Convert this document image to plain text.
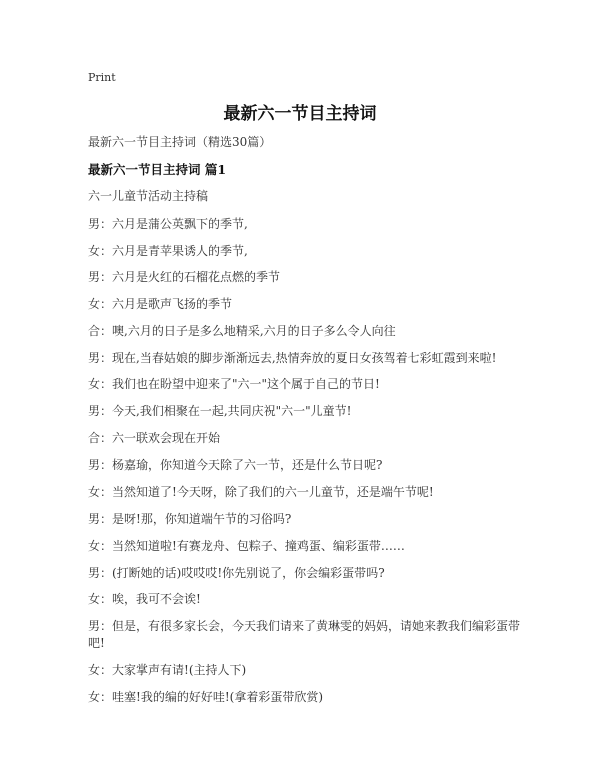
Print
最新六一节目主持词
最新六一节目主持词（精选30篇）
最新六一节目主持词 篇1
六一儿童节活动主持稿
男：六月是蒲公英飘下的季节,
女：六月是青苹果诱人的季节,
男：六月是火红的石榴花点燃的季节
女：六月是歌声飞扬的季节
合：噢,六月的日子是多么地精采,六月的日子多么令人向往
男：现在,当春姑娘的脚步渐渐远去,热情奔放的夏日女孩驾着七彩虹霞到来啦!
女：我们也在盼望中迎来了"六一"这个属于自己的节日!
男：今天,我们相聚在一起,共同庆祝"六一"儿童节!
合：六一联欢会现在开始
男：杨嘉瑜，你知道今天除了六一节，还是什么节日呢?
女：当然知道了!今天呀，除了我们的六一儿童节，还是端午节呢!
男：是呀!那，你知道端午节的习俗吗?
女：当然知道啦!有赛龙舟、包粽子、撞鸡蛋、编彩蛋带……
男：(打断她的话)哎哎哎!你先别说了，你会编彩蛋带吗?
女：唉，我可不会诶!
男：但是，有很多家长会，今天我们请来了黄琳雯的妈妈，请她来教我们编彩蛋带吧!
女：大家掌声有请!(主持人下)
女：哇塞!我的编的好好哇!(拿着彩蛋带欣赏)
